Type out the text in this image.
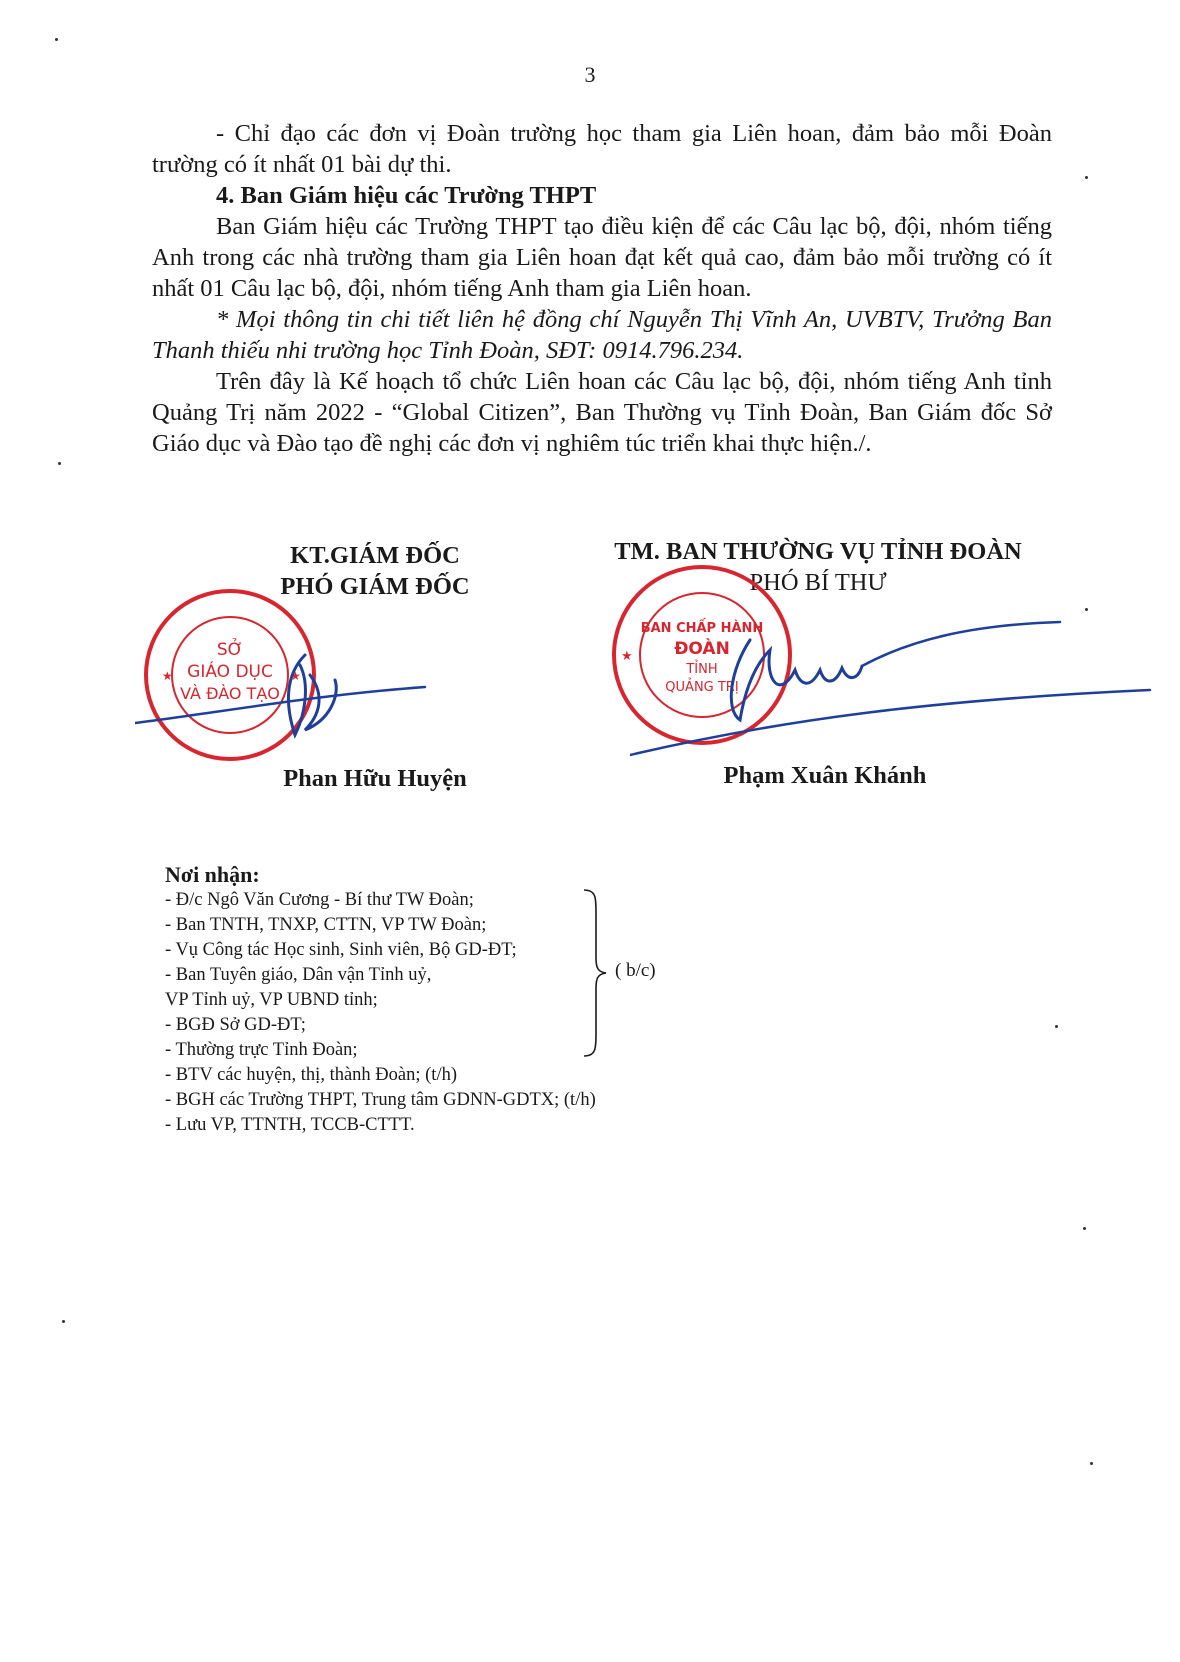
3

- Chỉ đạo các đơn vị Đoàn trường học tham gia Liên hoan, đảm bảo mỗi Đoàn trường có ít nhất 01 bài dự thi.

4. Ban Giám hiệu các Trường THPT

Ban Giám hiệu các Trường THPT tạo điều kiện để các Câu lạc bộ, đội, nhóm tiếng Anh trong các nhà trường tham gia Liên hoan đạt kết quả cao, đảm bảo mỗi trường có ít nhất 01 Câu lạc bộ, đội, nhóm tiếng Anh tham gia Liên hoan.

* Mọi thông tin chi tiết liên hệ đồng chí Nguyễn Thị Vĩnh An, UVBTV, Trưởng Ban Thanh thiếu nhi trường học Tỉnh Đoàn, SĐT: 0914.796.234.

Trên đây là Kế hoạch tổ chức Liên hoan các Câu lạc bộ, đội, nhóm tiếng Anh tỉnh Quảng Trị năm 2022 - “Global Citizen”, Ban Thường vụ Tỉnh Đoàn, Ban Giám đốc Sở Giáo dục và Đào tạo đề nghị các đơn vị nghiêm túc triển khai thực hiện./.

KT.GIÁM ĐỐC
PHÓ GIÁM ĐỐC
SỞ
GIÁO DỤC
VÀ ĐÀO TẠO
★	★
Phan Hữu Huyện
TM. BAN THƯỜNG VỤ TỈNH ĐOÀN
PHÓ BÍ THƯ
BAN CHẤP HÀNH
ĐOÀN
TỈNH
QUẢNG TRỊ
★
Phạm Xuân Khánh
Nơi nhận:
- Đ/c Ngô Văn Cương - Bí thư TW Đoàn;
- Ban TNTH, TNXP, CTTN, VP TW Đoàn;
- Vụ Công tác Học sinh, Sinh viên, Bộ GD-ĐT;
- Ban Tuyên giáo, Dân vận Tỉnh uỷ,
VP Tỉnh uỷ, VP UBND tỉnh;
- BGĐ Sở GD-ĐT;
- Thường trực Tỉnh Đoàn;
- BTV các huyện, thị, thành Đoàn; (t/h)
- BGH các Trường THPT, Trung tâm GDNN-GDTX; (t/h)
- Lưu VP, TTNTH, TCCB-CTTT.
( b/c)
